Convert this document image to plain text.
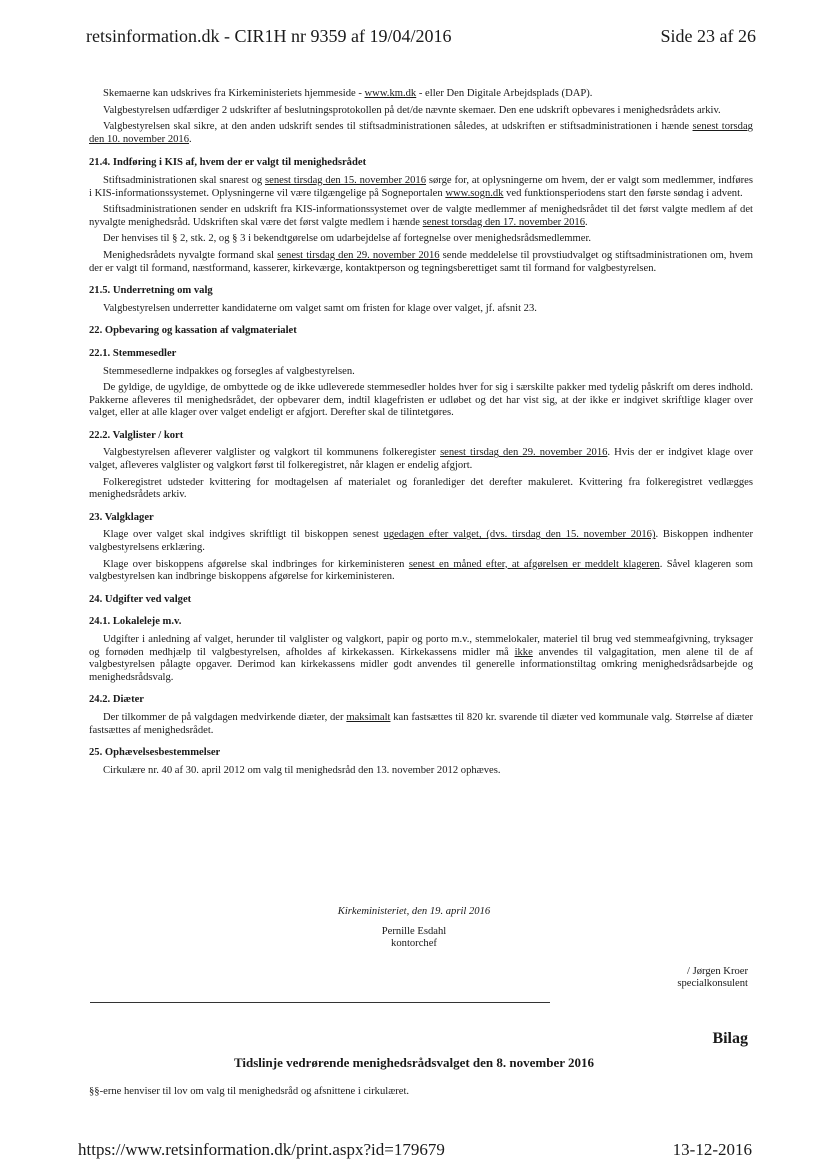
retsinformation.dk - CIR1H nr 9359 af 19/04/2016	Side 23 af 26

Skemaerne kan udskrives fra Kirkeministeriets hjemmeside - www.km.dk - eller Den Digitale Arbejdsplads (DAP).

Valgbestyrelsen udfærdiger 2 udskrifter af beslutningsprotokollen på det/de nævnte skemaer. Den ene udskrift opbevares i menighedsrådets arkiv.

Valgbestyrelsen skal sikre, at den anden udskrift sendes til stiftsadministrationen således, at udskriften er stiftsadministrationen i hænde senest torsdag den 10. november 2016.

21.4. Indføring i KIS af, hvem der er valgt til menighedsrådet

Stiftsadministrationen skal snarest og senest tirsdag den 15. november 2016 sørge for, at oplysningerne om hvem, der er valgt som medlemmer, indføres i KIS-informationssystemet. Oplysningerne vil være tilgængelige på Sogneportalen www.sogn.dk ved funktionsperiodens start den første søndag i advent.

Stiftsadministrationen sender en udskrift fra KIS-informationssystemet over de valgte medlemmer af menighedsrådet til det først valgte medlem af det nyvalgte menighedsråd. Udskriften skal være det først valgte medlem i hænde senest torsdag den 17. november 2016.

Der henvises til § 2, stk. 2, og § 3 i bekendtgørelse om udarbejdelse af fortegnelse over menighedsrådsmedlemmer.

Menighedsrådets nyvalgte formand skal senest tirsdag den 29. november 2016 sende meddelelse til provstiudvalget og stiftsadministrationen om, hvem der er valgt til formand, næstformand, kasserer, kirkeværge, kontaktperson og tegningsberettiget samt til formand for valgbestyrelsen.

21.5. Underretning om valg

Valgbestyrelsen underretter kandidaterne om valget samt om fristen for klage over valget, jf. afsnit 23.

22. Opbevaring og kassation af valgmaterialet
22.1. Stemmesedler

Stemmesedlerne indpakkes og forsegles af valgbestyrelsen.

De gyldige, de ugyldige, de ombyttede og de ikke udleverede stemmesedler holdes hver for sig i særskilte pakker med tydelig påskrift om deres indhold. Pakkerne afleveres til menighedsrådet, der opbevarer dem, indtil klagefristen er udløbet og det har vist sig, at der ikke er indgivet skriftlige klager over valget, eller at alle klager over valget endeligt er afgjort. Derefter skal de tilintetgøres.

22.2. Valglister / kort

Valgbestyrelsen afleverer valglister og valgkort til kommunens folkeregister senest tirsdag den 29. november 2016. Hvis der er indgivet klage over valget, afleveres valglister og valgkort først til folkeregistret, når klagen er endelig afgjort.

Folkeregistret udsteder kvittering for modtagelsen af materialet og foranlediger det derefter makuleret. Kvittering fra folkeregistret vedlægges menighedsrådets arkiv.

23. Valgklager

Klage over valget skal indgives skriftligt til biskoppen senest ugedagen efter valget, (dvs. tirsdag den 15. november 2016). Biskoppen indhenter valgbestyrelsens erklæring.

Klage over biskoppens afgørelse skal indbringes for kirkeministeren senest en måned efter, at afgørelsen er meddelt klageren. Såvel klageren som valgbestyrelsen kan indbringe biskoppens afgørelse for kirkeministeren.

24. Udgifter ved valget
24.1. Lokaleleje m.v.

Udgifter i anledning af valget, herunder til valglister og valgkort, papir og porto m.v., stemmelokaler, materiel til brug ved stemmeafgivning, tryksager og fornøden medhjælp til valgbestyrelsen, afholdes af kirkekassen. Kirkekassens midler må ikke anvendes til valgagitation, men alene til de af valgbestyrelsen pålagte opgaver. Derimod kan kirkekassens midler godt anvendes til generelle informationstiltag omkring menighedsrådsarbejde og menighedsrådsvalg.

24.2. Diæter

Der tilkommer de på valgdagen medvirkende diæter, der maksimalt kan fastsættes til 820 kr. svarende til diæter ved kommunale valg. Størrelse af diæter fastsættes af menighedsrådet.

25. Ophævelsesbestemmelser

Cirkulære nr. 40 af 30. april 2012 om valg til menighedsråd den 13. november 2012 ophæves.

Kirkeministeriet, den 19. april 2016
Pernille Esdahl
kontorchef
/ Jørgen Kroer
specialkonsulent
Bilag
Tidslinje vedrørende menighedsrådsvalget den 8. november 2016
§§-erne henviser til lov om valg til menighedsråd og afsnittene i cirkulæret.
https://www.retsinformation.dk/print.aspx?id=179679	13-12-2016
